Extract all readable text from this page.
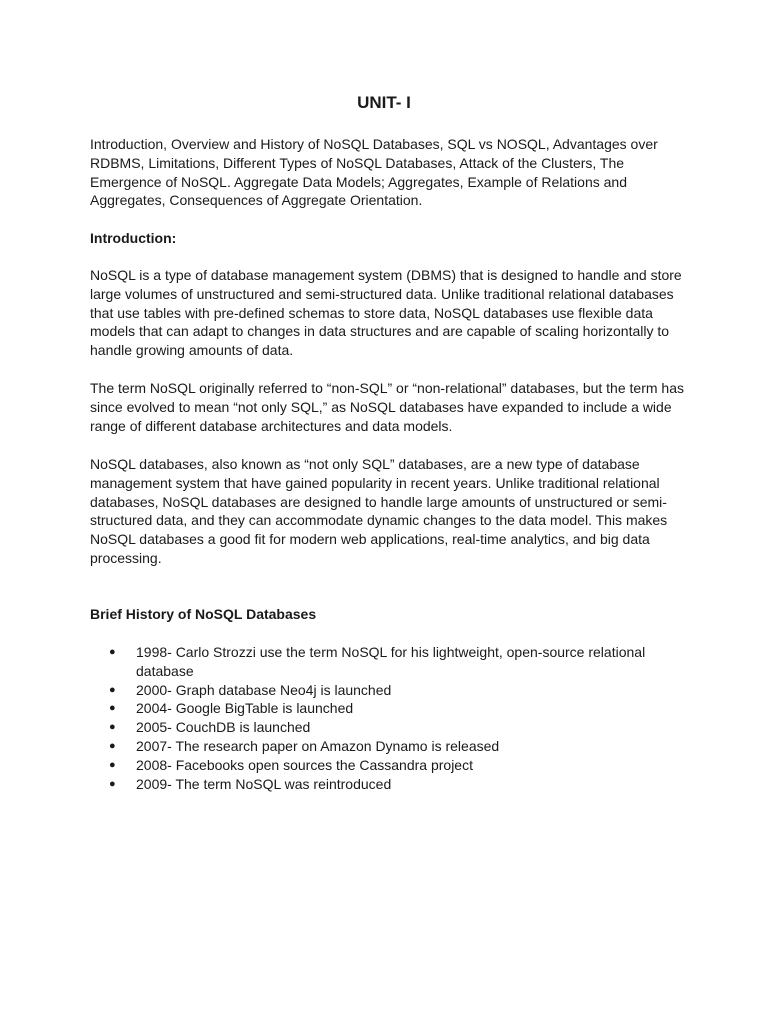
UNIT- I

Introduction, Overview and History of NoSQL Databases, SQL vs NOSQL, Advantages over RDBMS, Limitations, Different Types of NoSQL Databases, Attack of the Clusters, The Emergence of NoSQL. Aggregate Data Models; Aggregates, Example of Relations and Aggregates, Consequences of Aggregate Orientation.

Introduction:

NoSQL is a type of database management system (DBMS) that is designed to handle and store large volumes of unstructured and semi-structured data. Unlike traditional relational databases that use tables with pre-defined schemas to store data, NoSQL databases use flexible data models that can adapt to changes in data structures and are capable of scaling horizontally to handle growing amounts of data.

The term NoSQL originally referred to “non-SQL” or “non-relational” databases, but the term has since evolved to mean “not only SQL,” as NoSQL databases have expanded to include a wide range of different database architectures and data models.

NoSQL databases, also known as “not only SQL” databases, are a new type of database management system that have gained popularity in recent years. Unlike traditional relational databases, NoSQL databases are designed to handle large amounts of unstructured or semi-structured data, and they can accommodate dynamic changes to the data model. This makes NoSQL databases a good fit for modern web applications, real-time analytics, and big data processing.

Brief History of NoSQL Databases
● 1998- Carlo Strozzi use the term NoSQL for his lightweight, open-source relational database
● 2000- Graph database Neo4j is launched
● 2004- Google BigTable is launched
● 2005- CouchDB is launched
● 2007- The research paper on Amazon Dynamo is released
● 2008- Facebooks open sources the Cassandra project
● 2009- The term NoSQL was reintroduced
